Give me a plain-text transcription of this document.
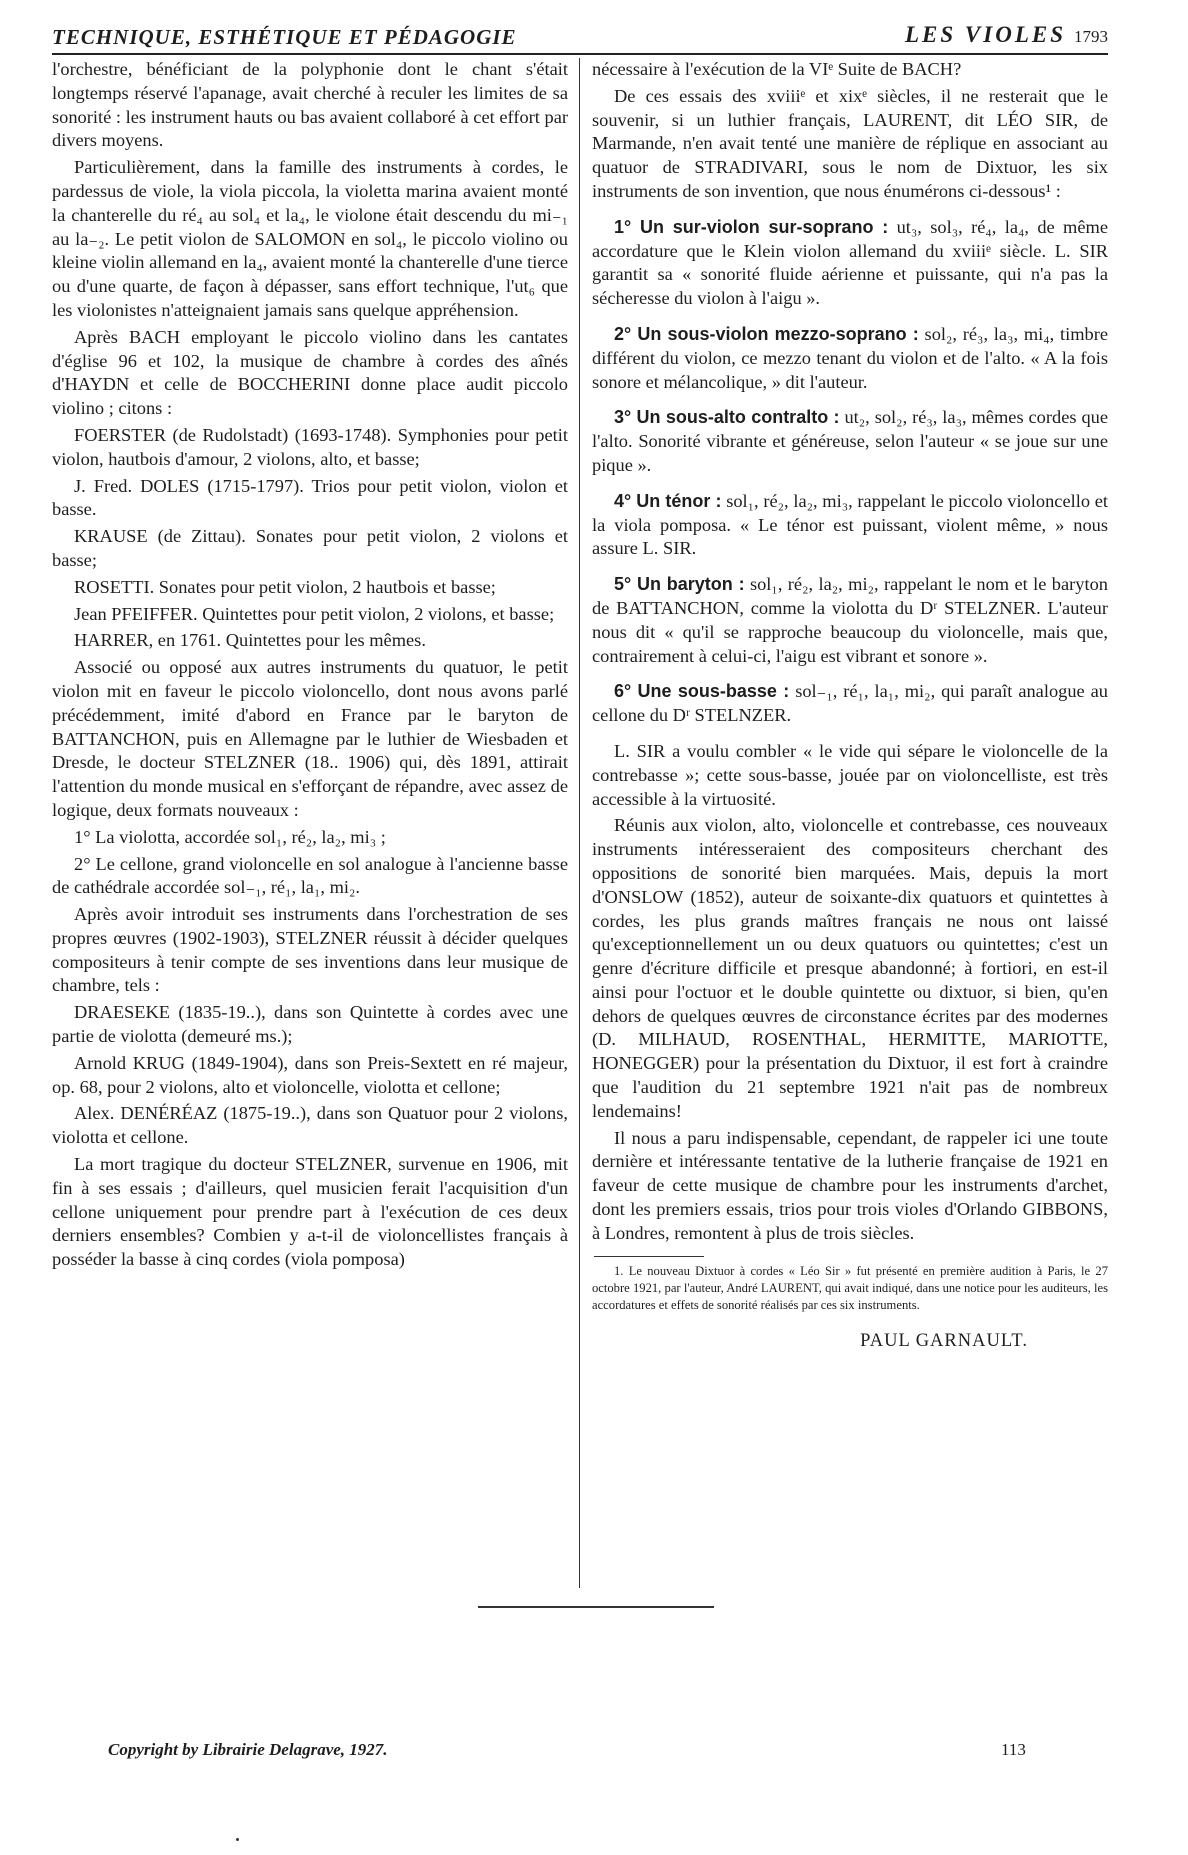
TECHNIQUE, ESTHÉTIQUE ET PÉDAGOGIE	LES VIOLES 1793

l'orchestre, bénéficiant de la polyphonie dont le chant s'était longtemps réservé l'apanage, avait cherché à reculer les limites de sa sonorité : les instrument hauts ou bas avaient collaboré à cet effort par divers moyens.

Particulièrement, dans la famille des instruments à cordes, le pardessus de viole, la viola piccola, la violetta marina avaient monté la chanterelle du ré₄ au sol₄ et la₄, le violone était descendu du mi₋₁ au la₋₂. Le petit violon de SALOMON en sol₄, le piccolo violino ou kleine violin allemand en la₄, avaient monté la chanterelle d'une tierce ou d'une quarte, de façon à dépasser, sans effort technique, l'ut₆ que les violonistes n'atteignaient jamais sans quelque appréhension.

Après BACH employant le piccolo violino dans les cantates d'église 96 et 102, la musique de chambre à cordes des aînés d'HAYDN et celle de BOCCHERINI donne place audit piccolo violino ; citons :

FOERSTER (de Rudolstadt) (1693-1748). Symphonies pour petit violon, hautbois d'amour, 2 violons, alto, et basse;

J. Fred. DOLES (1715-1797). Trios pour petit violon, violon et basse.

KRAUSE (de Zittau). Sonates pour petit violon, 2 violons et basse;

ROSETTI. Sonates pour petit violon, 2 hautbois et basse;

Jean PFEIFFER. Quintettes pour petit violon, 2 violons, et basse;

HARRER, en 1761. Quintettes pour les mêmes.

Associé ou opposé aux autres instruments du quatuor, le petit violon mit en faveur le piccolo violoncello, dont nous avons parlé précédemment, imité d'abord en France par le baryton de BATTANCHON, puis en Allemagne par le luthier de Wiesbaden et Dresde, le docteur STELZNER (18.. 1906) qui, dès 1891, attirait l'attention du monde musical en s'efforçant de répandre, avec assez de logique, deux formats nouveaux :

1° La violotta, accordée sol₁, ré₂, la₂, mi₃ ;

2° Le cellone, grand violoncelle en sol analogue à l'ancienne basse de cathédrale accordée sol₋₁, ré₁, la₁, mi₂.

Après avoir introduit ses instruments dans l'orchestration de ses propres œuvres (1902-1903), STELZNER réussit à décider quelques compositeurs à tenir compte de ses inventions dans leur musique de chambre, tels :

DRAESEKE (1835-19..), dans son Quintette à cordes avec une partie de violotta (demeuré ms.);

Arnold KRUG (1849-1904), dans son Preis-Sextett en ré majeur, op. 68, pour 2 violons, alto et violoncelle, violotta et cellone;

Alex. DENÉRÉAZ (1875-19..), dans son Quatuor pour 2 violons, violotta et cellone.

La mort tragique du docteur STELZNER, survenue en 1906, mit fin à ses essais ; d'ailleurs, quel musicien ferait l'acquisition d'un cellone uniquement pour prendre part à l'exécution de ces deux derniers ensembles? Combien y a-t-il de violoncellistes français à posséder la basse à cinq cordes (viola pomposa)

nécessaire à l'exécution de la VIᵉ Suite de BACH?

De ces essais des xviiiᵉ et xixᵉ siècles, il ne resterait que le souvenir, si un luthier français, LAURENT, dit LÉO SIR, de Marmande, n'en avait tenté une manière de réplique en associant au quatuor de STRADIVARI, sous le nom de Dixtuor, les six instruments de son invention, que nous énumérons ci-dessous¹ :

1° Un sur-violon sur-soprano : ut₃, sol₃, ré₄, la₄, de même accordature que le Klein violon allemand du xviiiᵉ siècle. L. SIR garantit sa « sonorité fluide aérienne et puissante, qui n'a pas la sécheresse du violon à l'aigu ».

2° Un sous-violon mezzo-soprano : sol₂, ré₃, la₃, mi₄, timbre différent du violon, ce mezzo tenant du violon et de l'alto. « A la fois sonore et mélancolique, » dit l'auteur.

3° Un sous-alto contralto : ut₂, sol₂, ré₃, la₃, mêmes cordes que l'alto. Sonorité vibrante et généreuse, selon l'auteur « se joue sur une pique ».

4° Un ténor : sol₁, ré₂, la₂, mi₃, rappelant le piccolo violoncello et la viola pomposa. « Le ténor est puissant, violent même, » nous assure L. SIR.

5° Un baryton : sol₁, ré₂, la₂, mi₂, rappelant le nom et le baryton de BATTANCHON, comme la violotta du Dʳ STELZNER. L'auteur nous dit « qu'il se rapproche beaucoup du violoncelle, mais que, contrairement à celui-ci, l'aigu est vibrant et sonore ».

6° Une sous-basse : sol₋₁, ré₁, la₁, mi₂, qui paraît analogue au cellone du Dʳ STELNZER.

L. SIR a voulu combler « le vide qui sépare le violoncelle de la contrebasse »; cette sous-basse, jouée par on violoncelliste, est très accessible à la virtuosité.

Réunis aux violon, alto, violoncelle et contrebasse, ces nouveaux instruments intéresseraient des compositeurs cherchant des oppositions de sonorité bien marquées. Mais, depuis la mort d'ONSLOW (1852), auteur de soixante-dix quatuors et quintettes à cordes, les plus grands maîtres français ne nous ont laissé qu'exceptionnellement un ou deux quatuors ou quintettes; c'est un genre d'écriture difficile et presque abandonné; à fortiori, en est-il ainsi pour l'octuor et le double quintette ou dixtuor, si bien, qu'en dehors de quelques œuvres de circonstance écrites par des modernes (D. MILHAUD, ROSENTHAL, HERMITTE, MARIOTTE, HONEGGER) pour la présentation du Dixtuor, il est fort à craindre que l'audition du 21 septembre 1921 n'ait pas de nombreux lendemains!

Il nous a paru indispensable, cependant, de rappeler ici une toute dernière et intéressante tentative de la lutherie française de 1921 en faveur de cette musique de chambre pour les instruments d'archet, dont les premiers essais, trios pour trois violes d'Orlando GIBBONS, à Londres, remontent à plus de trois siècles.

1. Le nouveau Dixtuor à cordes « Léo Sir » fut présenté en première audition à Paris, le 27 octobre 1921, par l'auteur, André LAURENT, qui avait indiqué, dans une notice pour les auditeurs, les accordatures et effets de sonorité réalisés par ces six instruments.

PAUL GARNAULT.
Copyright by Librairie Delagrave, 1927.	113
